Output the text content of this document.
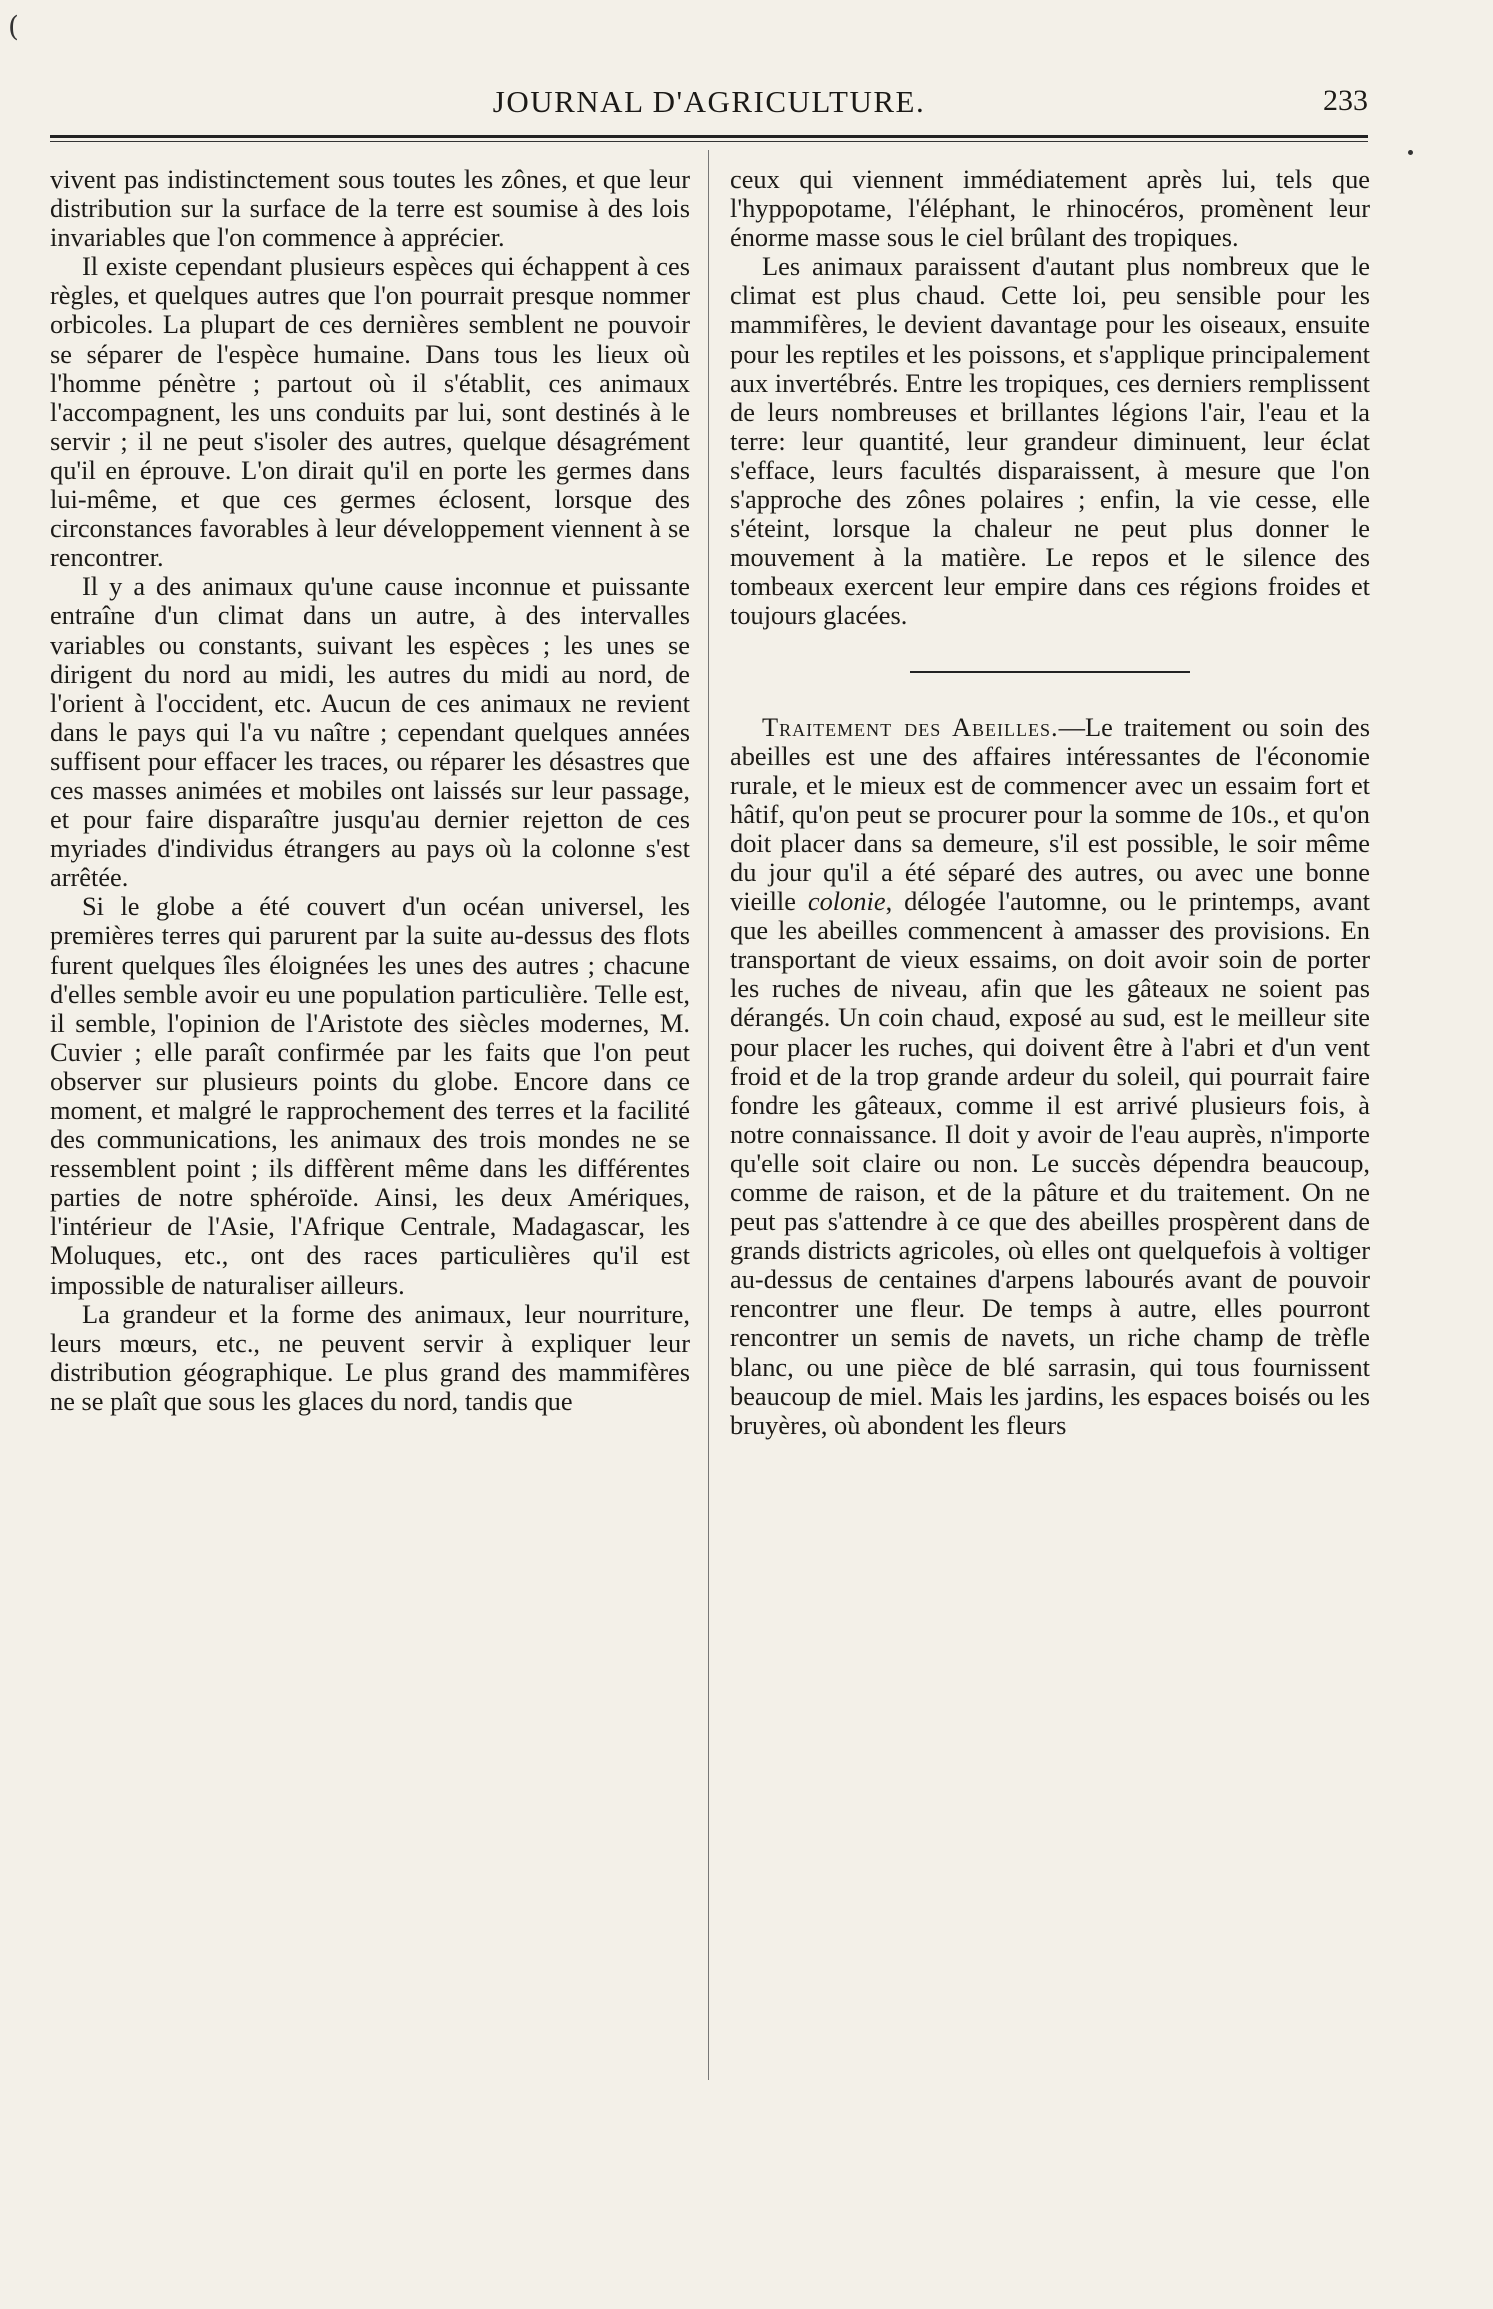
(
JOURNAL D'AGRICULTURE.	233

vivent pas indistinctement sous toutes les zônes, et que leur distribution sur la surface de la terre est soumise à des lois invariables que l'on commence à apprécier.

Il existe cependant plusieurs espèces qui échappent à ces règles, et quelques autres que l'on pourrait presque nommer orbicoles. La plupart de ces dernières semblent ne pouvoir se séparer de l'espèce humaine. Dans tous les lieux où l'homme pénètre ; partout où il s'établit, ces animaux l'accompagnent, les uns conduits par lui, sont destinés à le servir ; il ne peut s'isoler des autres, quelque désagrément qu'il en éprouve. L'on dirait qu'il en porte les germes dans lui-même, et que ces germes éclosent, lorsque des circonstances favorables à leur développement viennent à se rencontrer.

Il y a des animaux qu'une cause inconnue et puissante entraîne d'un climat dans un autre, à des intervalles variables ou constants, suivant les espèces ; les unes se dirigent du nord au midi, les autres du midi au nord, de l'orient à l'occident, etc. Aucun de ces animaux ne revient dans le pays qui l'a vu naître ; cependant quelques années suffisent pour effacer les traces, ou réparer les désastres que ces masses animées et mobiles ont laissés sur leur passage, et pour faire disparaître jusqu'au dernier rejetton de ces myriades d'individus étrangers au pays où la colonne s'est arrêtée.

Si le globe a été couvert d'un océan universel, les premières terres qui parurent par la suite au-dessus des flots furent quelques îles éloignées les unes des autres ; chacune d'elles semble avoir eu une population particulière. Telle est, il semble, l'opinion de l'Aristote des siècles modernes, M. Cuvier ; elle paraît confirmée par les faits que l'on peut observer sur plusieurs points du globe. Encore dans ce moment, et malgré le rapprochement des terres et la facilité des communications, les animaux des trois mondes ne se ressemblent point ; ils diffèrent même dans les différentes parties de notre sphéroïde. Ainsi, les deux Amériques, l'intérieur de l'Asie, l'Afrique Centrale, Madagascar, les Moluques, etc., ont des races particulières qu'il est impossible de naturaliser ailleurs.

La grandeur et la forme des animaux, leur nourriture, leurs mœurs, etc., ne peuvent servir à expliquer leur distribution géographique. Le plus grand des mammifères ne se plaît que sous les glaces du nord, tandis que

ceux qui viennent immédiatement après lui, tels que l'hyppopotame, l'éléphant, le rhinocéros, promènent leur énorme masse sous le ciel brûlant des tropiques.

Les animaux paraissent d'autant plus nombreux que le climat est plus chaud. Cette loi, peu sensible pour les mammifères, le devient davantage pour les oiseaux, ensuite pour les reptiles et les poissons, et s'applique principalement aux invertébrés. Entre les tropiques, ces derniers remplissent de leurs nombreuses et brillantes légions l'air, l'eau et la terre: leur quantité, leur grandeur diminuent, leur éclat s'efface, leurs facultés disparaissent, à mesure que l'on s'approche des zônes polaires ; enfin, la vie cesse, elle s'éteint, lorsque la chaleur ne peut plus donner le mouvement à la matière. Le repos et le silence des tombeaux exercent leur empire dans ces régions froides et toujours glacées.

Traitement des Abeilles.—Le traitement ou soin des abeilles est une des affaires intéressantes de l'économie rurale, et le mieux est de commencer avec un essaim fort et hâtif, qu'on peut se procurer pour la somme de 10s., et qu'on doit placer dans sa demeure, s'il est possible, le soir même du jour qu'il a été séparé des autres, ou avec une bonne vieille colonie, délogée l'automne, ou le printemps, avant que les abeilles commencent à amasser des provisions. En transportant de vieux essaims, on doit avoir soin de porter les ruches de niveau, afin que les gâteaux ne soient pas dérangés. Un coin chaud, exposé au sud, est le meilleur site pour placer les ruches, qui doivent être à l'abri et d'un vent froid et de la trop grande ardeur du soleil, qui pourrait faire fondre les gâteaux, comme il est arrivé plusieurs fois, à notre connaissance. Il doit y avoir de l'eau auprès, n'importe qu'elle soit claire ou non. Le succès dépendra beaucoup, comme de raison, et de la pâture et du traitement. On ne peut pas s'attendre à ce que des abeilles prospèrent dans de grands districts agricoles, où elles ont quelquefois à voltiger au-dessus de centaines d'arpens labourés avant de pouvoir rencontrer une fleur. De temps à autre, elles pourront rencontrer un semis de navets, un riche champ de trèfle blanc, ou une pièce de blé sarrasin, qui tous fournissent beaucoup de miel. Mais les jardins, les espaces boisés ou les bruyères, où abondent les fleurs
